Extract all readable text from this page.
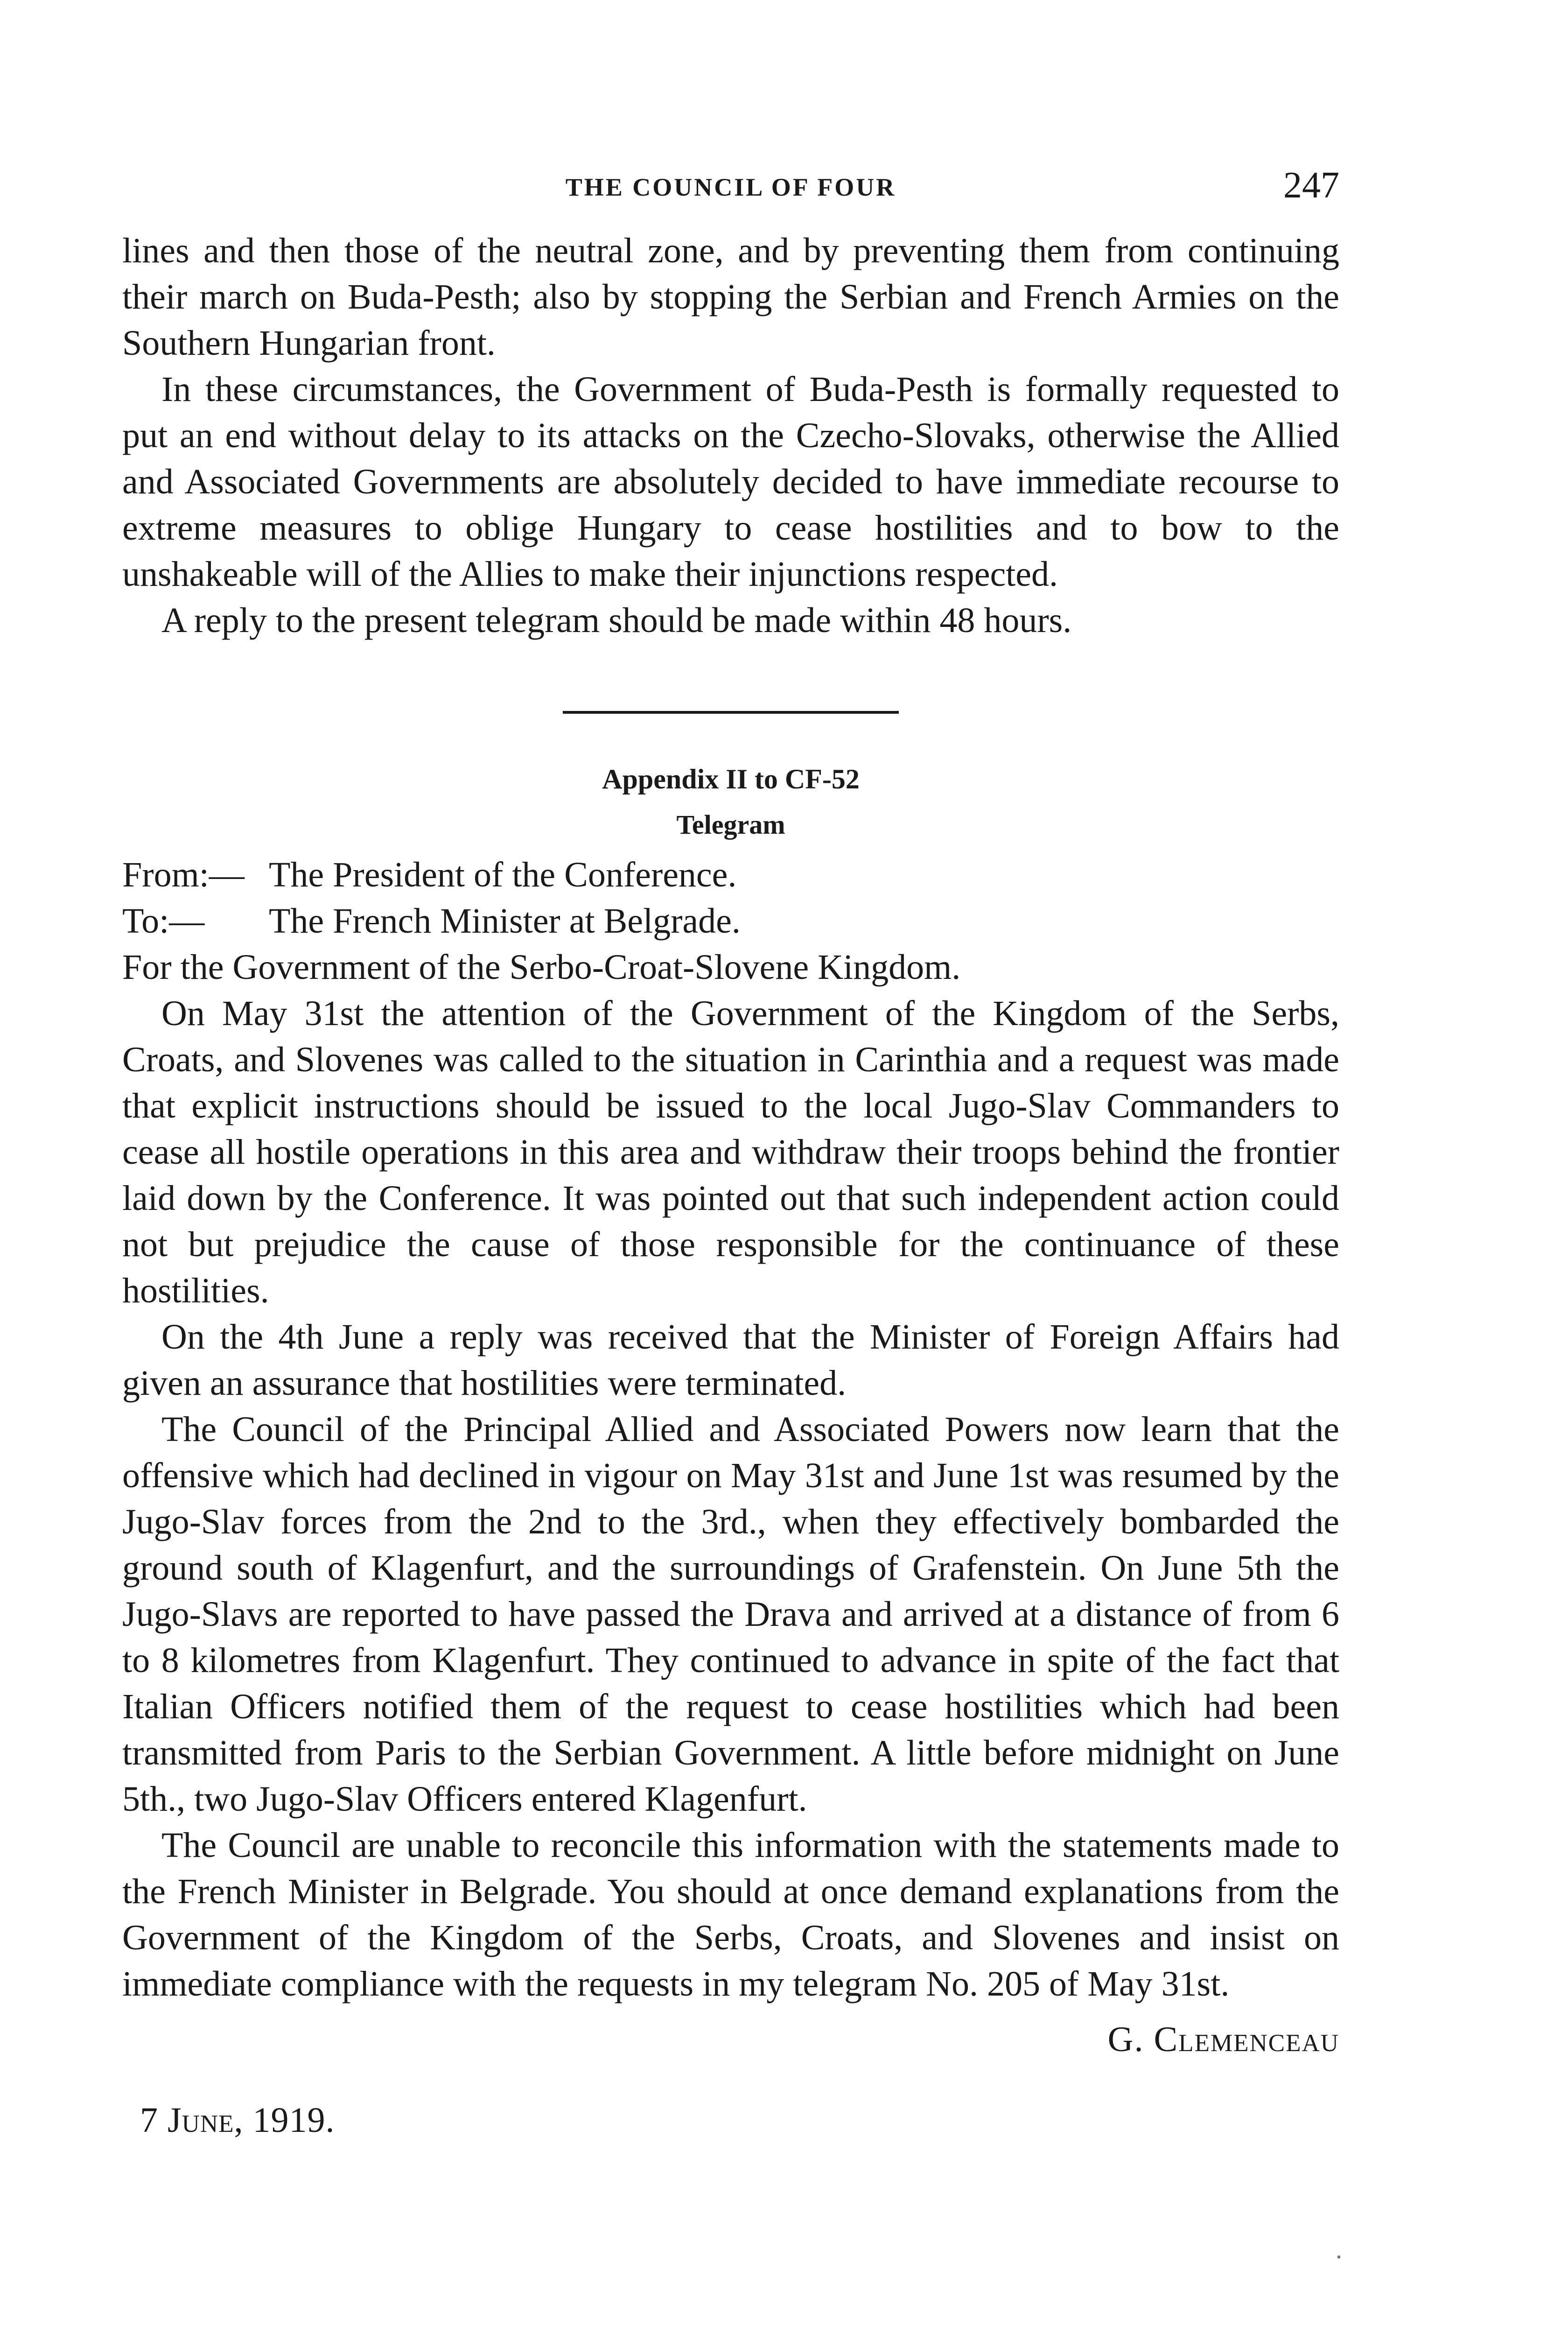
THE COUNCIL OF FOUR	247

lines and then those of the neutral zone, and by preventing them from continuing their march on Buda-Pesth; also by stopping the Serbian and French Armies on the Southern Hungarian front.

In these circumstances, the Government of Buda-Pesth is formally requested to put an end without delay to its attacks on the Czecho-Slovaks, otherwise the Allied and Associated Governments are absolutely decided to have immediate recourse to extreme measures to oblige Hungary to cease hostilities and to bow to the unshakeable will of the Allies to make their injunctions respected.

A reply to the present telegram should be made within 48 hours.

Appendix II to CF-52
Telegram
From:— The President of the Conference.
To:— The French Minister at Belgrade.
For the Government of the Serbo-Croat-Slovene Kingdom.

On May 31st the attention of the Government of the Kingdom of the Serbs, Croats, and Slovenes was called to the situation in Carinthia and a request was made that explicit instructions should be issued to the local Jugo-Slav Commanders to cease all hostile operations in this area and withdraw their troops behind the frontier laid down by the Conference. It was pointed out that such independent action could not but prejudice the cause of those responsible for the continuance of these hostilities.

On the 4th June a reply was received that the Minister of Foreign Affairs had given an assurance that hostilities were terminated.

The Council of the Principal Allied and Associated Powers now learn that the offensive which had declined in vigour on May 31st and June 1st was resumed by the Jugo-Slav forces from the 2nd to the 3rd., when they effectively bombarded the ground south of Klagenfurt, and the surroundings of Grafenstein. On June 5th the Jugo-Slavs are reported to have passed the Drava and arrived at a distance of from 6 to 8 kilometres from Klagenfurt. They continued to advance in spite of the fact that Italian Officers notified them of the request to cease hostilities which had been transmitted from Paris to the Serbian Government. A little before midnight on June 5th., two Jugo-Slav Officers entered Klagenfurt.

The Council are unable to reconcile this information with the statements made to the French Minister in Belgrade. You should at once demand explanations from the Government of the Kingdom of the Serbs, Croats, and Slovenes and insist on immediate compliance with the requests in my telegram No. 205 of May 31st.

G. Clemenceau
7 June, 1919.
